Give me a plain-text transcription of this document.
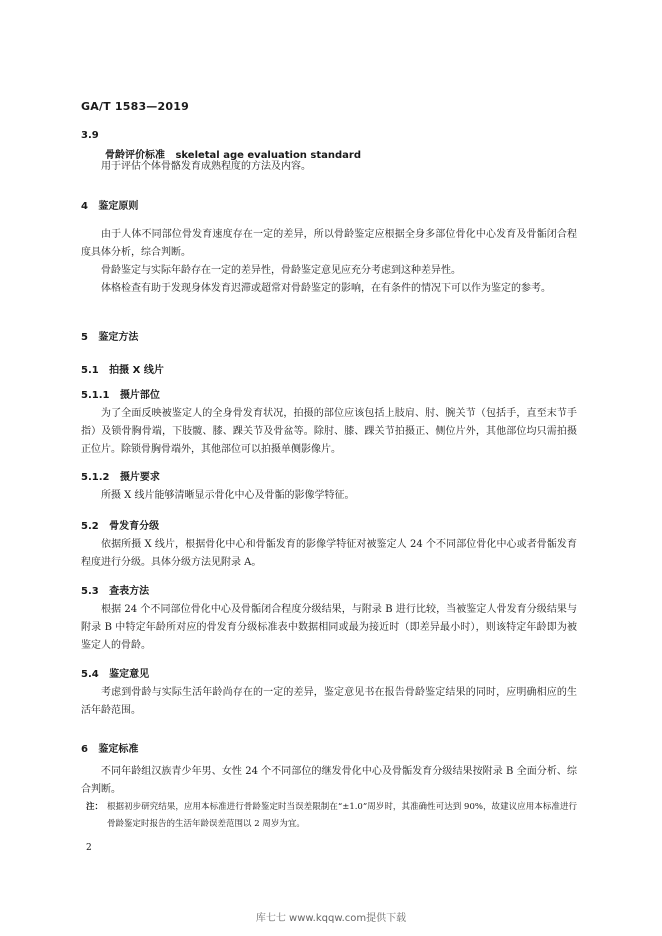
GA/T 1583—2019
3.9
骨龄评价标准 skeletal age evaluation standard

用于评估个体骨骼发育成熟程度的方法及内容。

4 鉴定原则

由于人体不同部位骨发育速度存在一定的差异，所以骨龄鉴定应根据全身多部位骨化中心发育及骨骺闭合程度具体分析，综合判断。

骨龄鉴定与实际年龄存在一定的差异性，骨龄鉴定意见应充分考虑到这种差异性。

体格检查有助于发现身体发育迟滞或超常对骨龄鉴定的影响，在有条件的情况下可以作为鉴定的参考。

5 鉴定方法
5.1 拍摄 X 线片
5.1.1 摄片部位

为了全面反映被鉴定人的全身骨发育状况，拍摄的部位应该包括上肢肩、肘、腕关节（包括手，直至末节手指）及锁骨胸骨端，下肢髋、膝、踝关节及骨盆等。除肘、膝、踝关节拍摄正、侧位片外，其他部位均只需拍摄正位片。除锁骨胸骨端外，其他部位可以拍摄单侧影像片。

5.1.2 摄片要求

所摄 X 线片能够清晰显示骨化中心及骨骺的影像学特征。

5.2 骨发育分级

依据所摄 X 线片，根据骨化中心和骨骺发育的影像学特征对被鉴定人 24 个不同部位骨化中心或者骨骺发育程度进行分级。具体分级方法见附录 A。

5.3 查表方法

根据 24 个不同部位骨化中心及骨骺闭合程度分级结果，与附录 B 进行比较，当被鉴定人骨发育分级结果与附录 B 中特定年龄所对应的骨发育分级标准表中数据相同或最为接近时（即差异最小时），则该特定年龄即为被鉴定人的骨龄。

5.4 鉴定意见

考虑到骨龄与实际生活年龄尚存在的一定的差异，鉴定意见书在报告骨龄鉴定结果的同时，应明确相应的生活年龄范围。

6 鉴定标准

不同年龄组汉族青少年男、女性 24 个不同部位的继发骨化中心及骨骺发育分级结果按附录 B 全面分析、综合判断。

注： 根据初步研究结果，应用本标准进行骨龄鉴定时当误差限制在“±1.0”周岁时，其准确性可达到 90%，故建议应用本标准进行骨龄鉴定时报告的生活年龄误差范围以 2 周岁为宜。
2
库七七 www.kqqw.com提供下载
